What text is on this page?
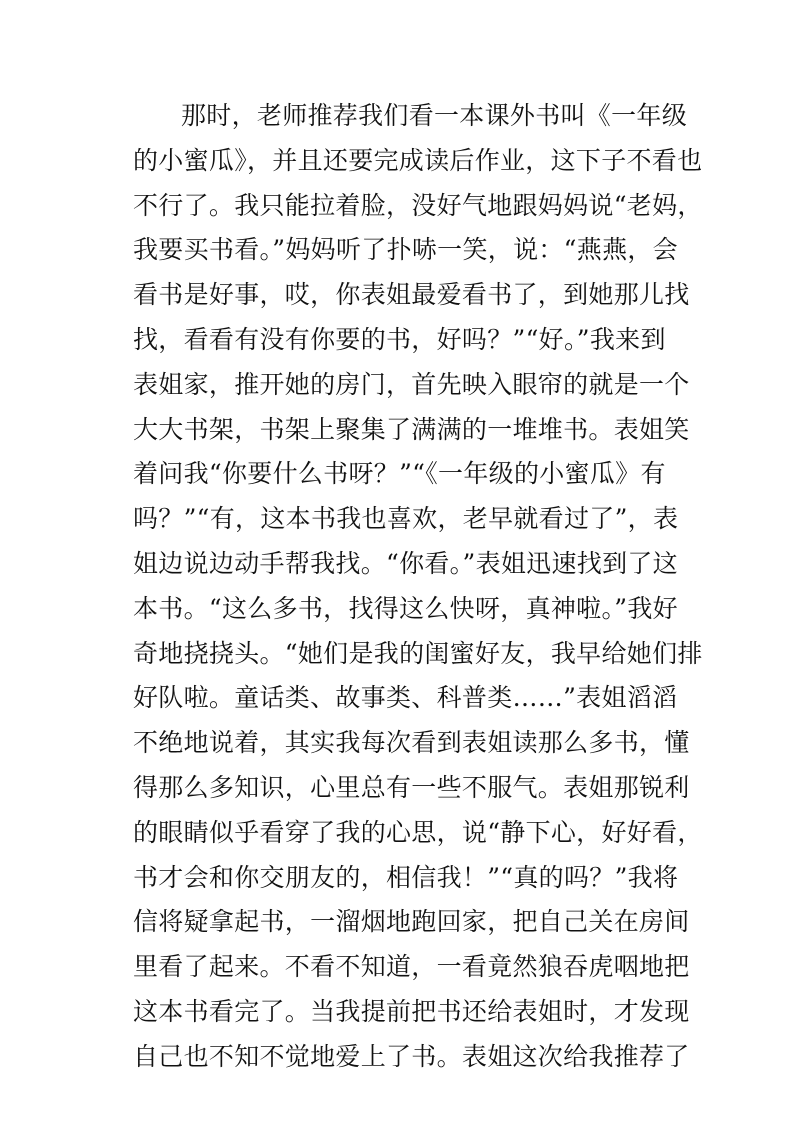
那时，老师推荐我们看一本课外书叫《一年级
的小蜜瓜》，并且还要完成读后作业，这下子不看也
不行了。我只能拉着脸，没好气地跟妈妈说“老妈，
我要买书看。”妈妈听了扑哧一笑，说：“燕燕，会
看书是好事，哎，你表姐最爱看书了，到她那儿找
找，看看有没有你要的书，好吗？”“好。”我来到
表姐家，推开她的房门，首先映入眼帘的就是一个
大大书架，书架上聚集了满满的一堆堆书。表姐笑
着问我“你要什么书呀？”“《一年级的小蜜瓜》有
吗？”“有，这本书我也喜欢，老早就看过了”，表
姐边说边动手帮我找。“你看。”表姐迅速找到了这
本书。“这么多书，找得这么快呀，真神啦。”我好
奇地挠挠头。“她们是我的闺蜜好友，我早给她们排
好队啦。童话类、故事类、科普类……”表姐滔滔
不绝地说着，其实我每次看到表姐读那么多书，懂
得那么多知识，心里总有一些不服气。表姐那锐利
的眼睛似乎看穿了我的心思，说“静下心，好好看，
书才会和你交朋友的，相信我！”“真的吗？”我将
信将疑拿起书，一溜烟地跑回家，把自己关在房间
里看了起来。不看不知道，一看竟然狼吞虎咽地把
这本书看完了。当我提前把书还给表姐时，才发现
自己也不知不觉地爱上了书。表姐这次给我推荐了
